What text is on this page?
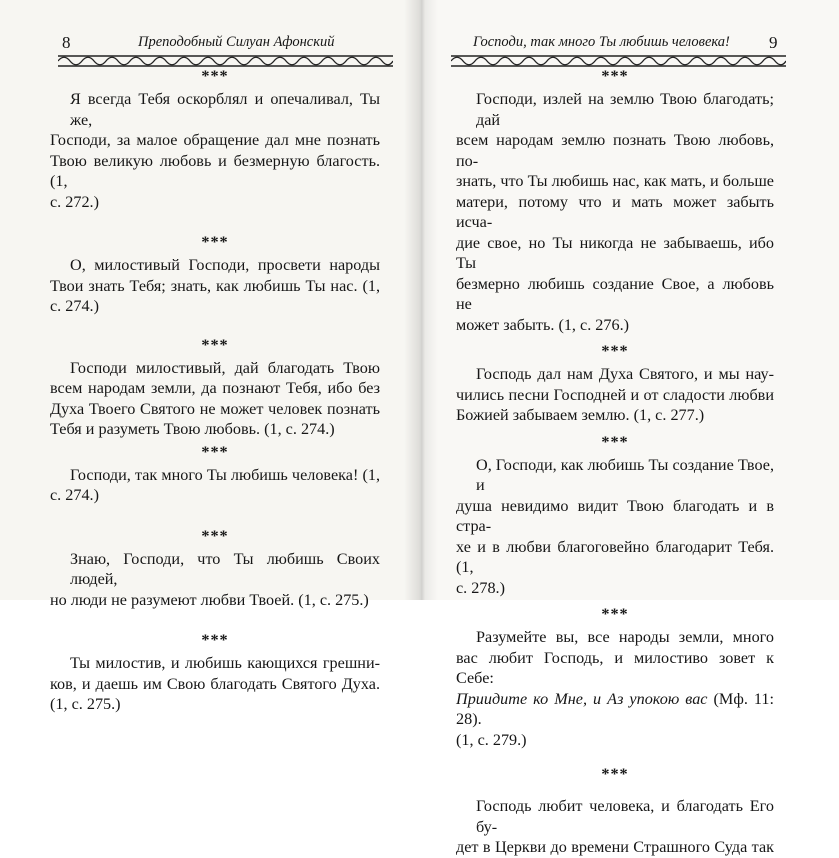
8	Преподобный Силуан Афонский	Господи, так много Ты любишь человека! 9

***

Я всегда Тебя оскорблял и опечаливал, Ты же,
Господи, за малое обращение дал мне познать
Твою великую любовь и безмерную благость. (1,
с. 272.)

***

О, милостивый Господи, просвети народы
Твои знать Тебя; знать, как любишь Ты нас. (1,
с. 274.)

***

Господи милостивый, дай благодать Твою
всем народам земли, да познают Тебя, ибо без
Духа Твоего Святого не может человек познать
Тебя и разуметь Твою любовь. (1, с. 274.)

***

Господи, так много Ты любишь человека! (1,
с. 274.)

***

Знаю, Господи, что Ты любишь Своих людей,
но люди не разумеют любви Твоей. (1, с. 275.)

***

Ты милостив, и любишь кающихся грешни-
ков, и даешь им Свою благодать Святого Духа.
(1, с. 275.)

***

Господи, излей на землю Твою благодать; дай
всем народам землю познать Твою любовь, по-
знать, что Ты любишь нас, как мать, и больше
матери, потому что и мать может забыть исча-
дие свое, но Ты никогда не забываешь, ибо Ты
безмерно любишь создание Свое, а любовь не
может забыть. (1, с. 276.)

***

Господь дал нам Духа Святого, и мы нау-
чились песни Господней и от сладости любви
Божией забываем землю. (1, с. 277.)

***

О, Господи, как любишь Ты создание Твое, и
душа невидимо видит Твою благодать и в стра-
хе и в любви благоговейно благодарит Тебя. (1,
с. 278.)

***

Разумейте вы, все народы земли, много
вас любит Господь, и милостиво зовет к Себе:
Приидите ко Мне, и Аз упокою вас (Мф. 11: 28).
(1, с. 279.)

***

Господь любит человека, и благодать Его бу-
дет в Церкви до времени Страшного Суда так
